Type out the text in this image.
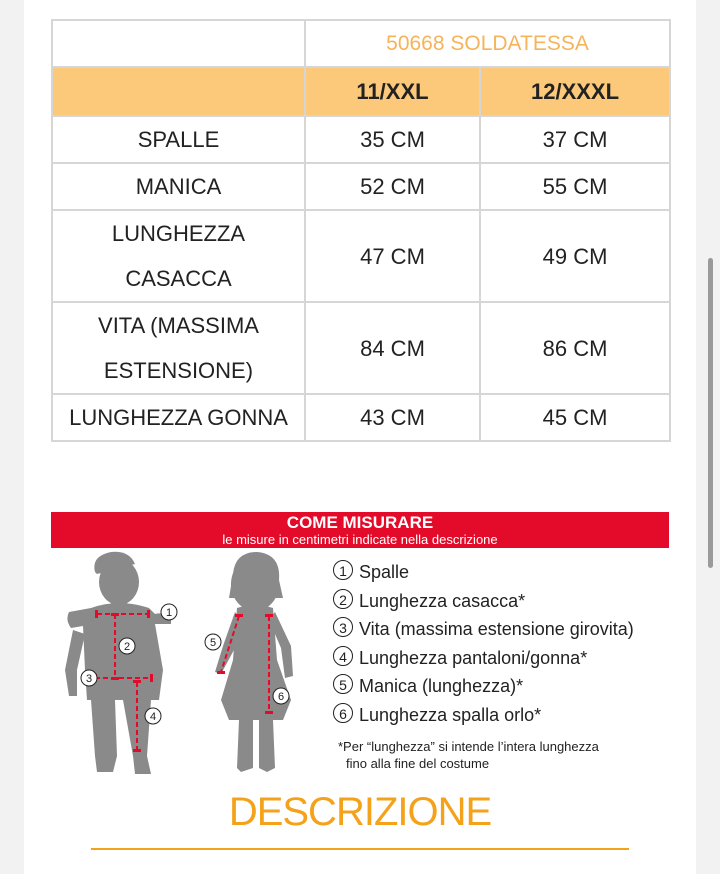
	50668 SOLDATESSA	
	11/XXL	12/XXXL
SPALLE	35 CM	37 CM
MANICA	52 CM	55 CM

LUNGHEZZA
CASACCA	47 CM	49 CM

VITA (MASSIMA
ESTENSIONE)	84 CM	86 CM
LUNGHEZZA GONNA	43 CM	45 CM
COME MISURARE
le misure in centimetri indicate nella descrizione
1
2
3
4
5
6
1 Spalle
2 Lunghezza casacca*
3 Vita (massima estensione girovita)
4 Lunghezza pantaloni/gonna*
5 Manica (lunghezza)*
6 Lunghezza spalla orlo*
*Per “lunghezza” si intende l’intera lunghezza
fino alla fine del costume
DESCRIZIONE
